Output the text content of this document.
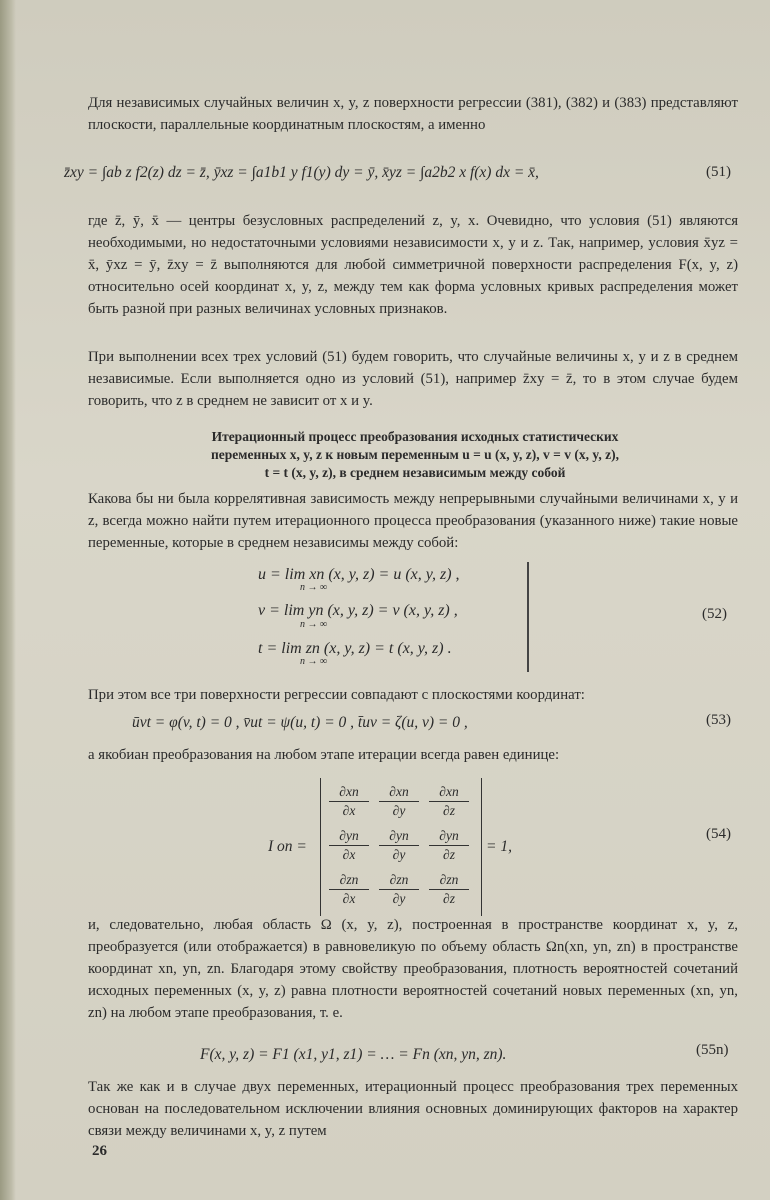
Для независимых случайных величин x, y, z поверхности регрессии (381), (382) и (383) представляют плоскости, параллельные координатным плоскостям, а именно
z̄xy = ∫ab z f2(z) dz = z̄, ȳxz = ∫a1b1 y f1(y) dy = ȳ, x̄yz = ∫a2b2 x f(x) dx = x̄,	(51)
где z̄, ȳ, x̄ — центры безусловных распределений z, y, x. Очевидно, что условия (51) являются необходимыми, но недостаточными условиями независимости x, y и z. Так, например, условия x̄yz = x̄, ȳxz = ȳ, z̄xy = z̄ выполняются для любой симметричной поверхности распределения F(x, y, z) относительно осей координат x, y, z, между тем как форма условных кривых распределения может быть разной при разных величинах условных признаков.
При выполнении всех трех условий (51) будем говорить, что случайные величины x, y и z в среднем независимые. Если выполняется одно из условий (51), например z̄xy = z̄, то в этом случае будем говорить, что z в среднем не зависит от x и y.
Итерационный процесс преобразования исходных статистических
переменных x, y, z к новым переменным u = u (x, y, z), v = v (x, y, z),
t = t (x, y, z), в среднем независимым между собой
Какова бы ни была коррелятивная зависимость между непрерывными случайными величинами x, y и z, всегда можно найти путем итерационного процесса преобразования (указанного ниже) такие новые переменные, которые в среднем независимы между собой:
u = lim xn (x, y, z) = u (x, y, z) ,
n → ∞
v = lim yn (x, y, z) = v (x, y, z) ,
n → ∞
t = lim zn (x, y, z) = t (x, y, z) .
n → ∞
(52)
При этом все три поверхности регрессии совпадают с плоскостями координат:
ūvt = φ(v, t) = 0 , v̄ut = ψ(u, t) = 0 , t̄uv = ζ(u, v) = 0 ,	(53)
а якобиан преобразования на любом этапе итерации всегда равен единице:
I on =
$\frac{\partial xn}{\partial x} \frac{\partial xn}{\partial y} \frac{\partial xn}{\partial z}$
$\frac{\partial yn}{\partial x} \frac{\partial yn}{\partial y} \frac{\partial yn}{\partial z}$
$\frac{\partial zn}{\partial x} \frac{\partial zn}{\partial y} \frac{\partial zn}{\partial z}$
= 1,
(54)
и, следовательно, любая область Ω (x, y, z), построенная в пространстве координат x, y, z, преобразуется (или отображается) в равновеликую по объему область Ωn(xn, yn, zn) в пространстве координат xn, yn, zn. Благодаря этому свойству преобразования, плотность вероятностей сочетаний исходных переменных (x, y, z) равна плотности вероятностей сочетаний новых переменных (xn, yn, zn) на любом этапе преобразования, т. е.
F(x, y, z) = F1 (x1, y1, z1) = … = Fn (xn, yn, zn).	(55n)
Так же как и в случае двух переменных, итерационный процесс преобразования трех переменных основан на последовательном исключении влияния основных доминирующих факторов на характер связи между величинами x, y, z путем
26
